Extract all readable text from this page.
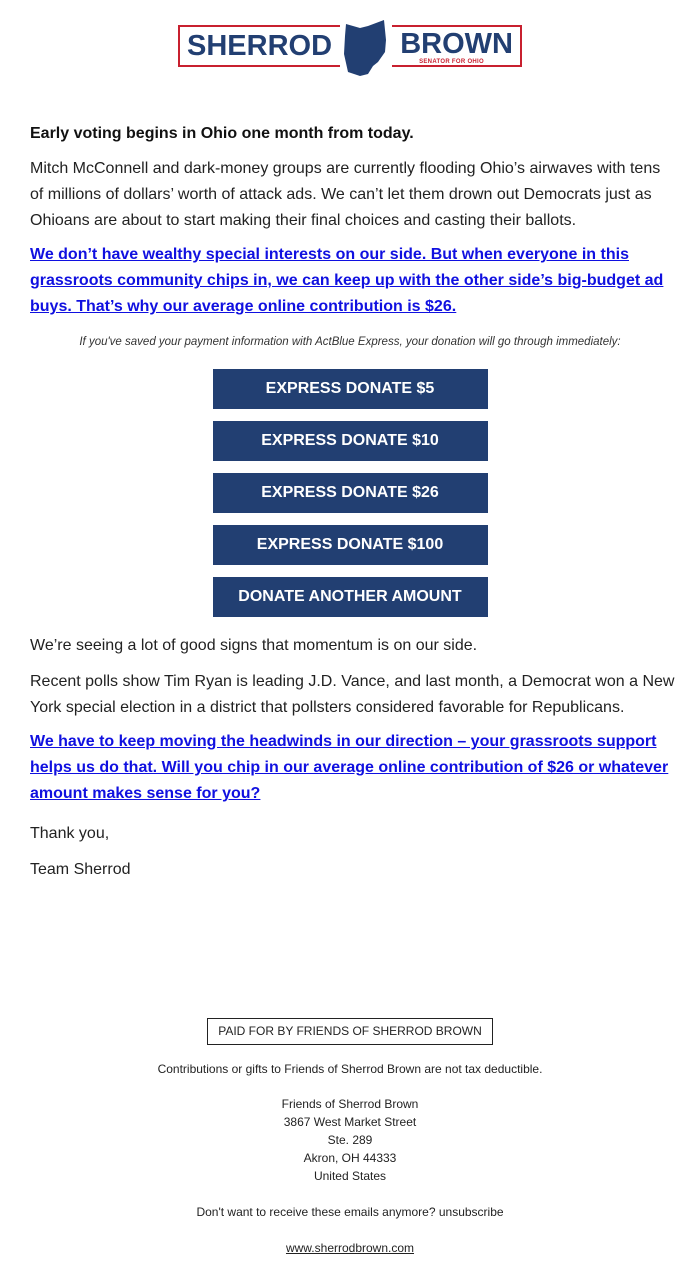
SHERROD BROWN
SENATOR FOR OHIO

Early voting begins in Ohio one month from today.

Mitch McConnell and dark-money groups are currently flooding Ohio’s airwaves with tens of millions of dollars’ worth of attack ads. We can’t let them drown out Democrats just as Ohioans are about to start making their final choices and casting their ballots.

We don’t have wealthy special interests on our side. But when everyone in this grassroots community chips in, we can keep up with the other side’s big-budget ad buys. That’s why our average online contribution is $26.

If you've saved your payment information with ActBlue Express, your donation will go through immediately:

EXPRESS DONATE $5
EXPRESS DONATE $10
EXPRESS DONATE $26
EXPRESS DONATE $100
DONATE ANOTHER AMOUNT

We’re seeing a lot of good signs that momentum is on our side.

Recent polls show Tim Ryan is leading J.D. Vance, and last month, a Democrat won a New York special election in a district that pollsters considered favorable for Republicans.

We have to keep moving the headwinds in our direction – your grassroots support helps us do that. Will you chip in our average online contribution of $26 or whatever amount makes sense for you?

Thank you,

Team Sherrod

PAID FOR BY FRIENDS OF SHERROD BROWN
Contributions or gifts to Friends of Sherrod Brown are not tax deductible.
Friends of Sherrod Brown
3867 West Market Street
Ste. 289
Akron, OH 44333
United States
Don't want to receive these emails anymore? unsubscribe
www.sherrodbrown.com
